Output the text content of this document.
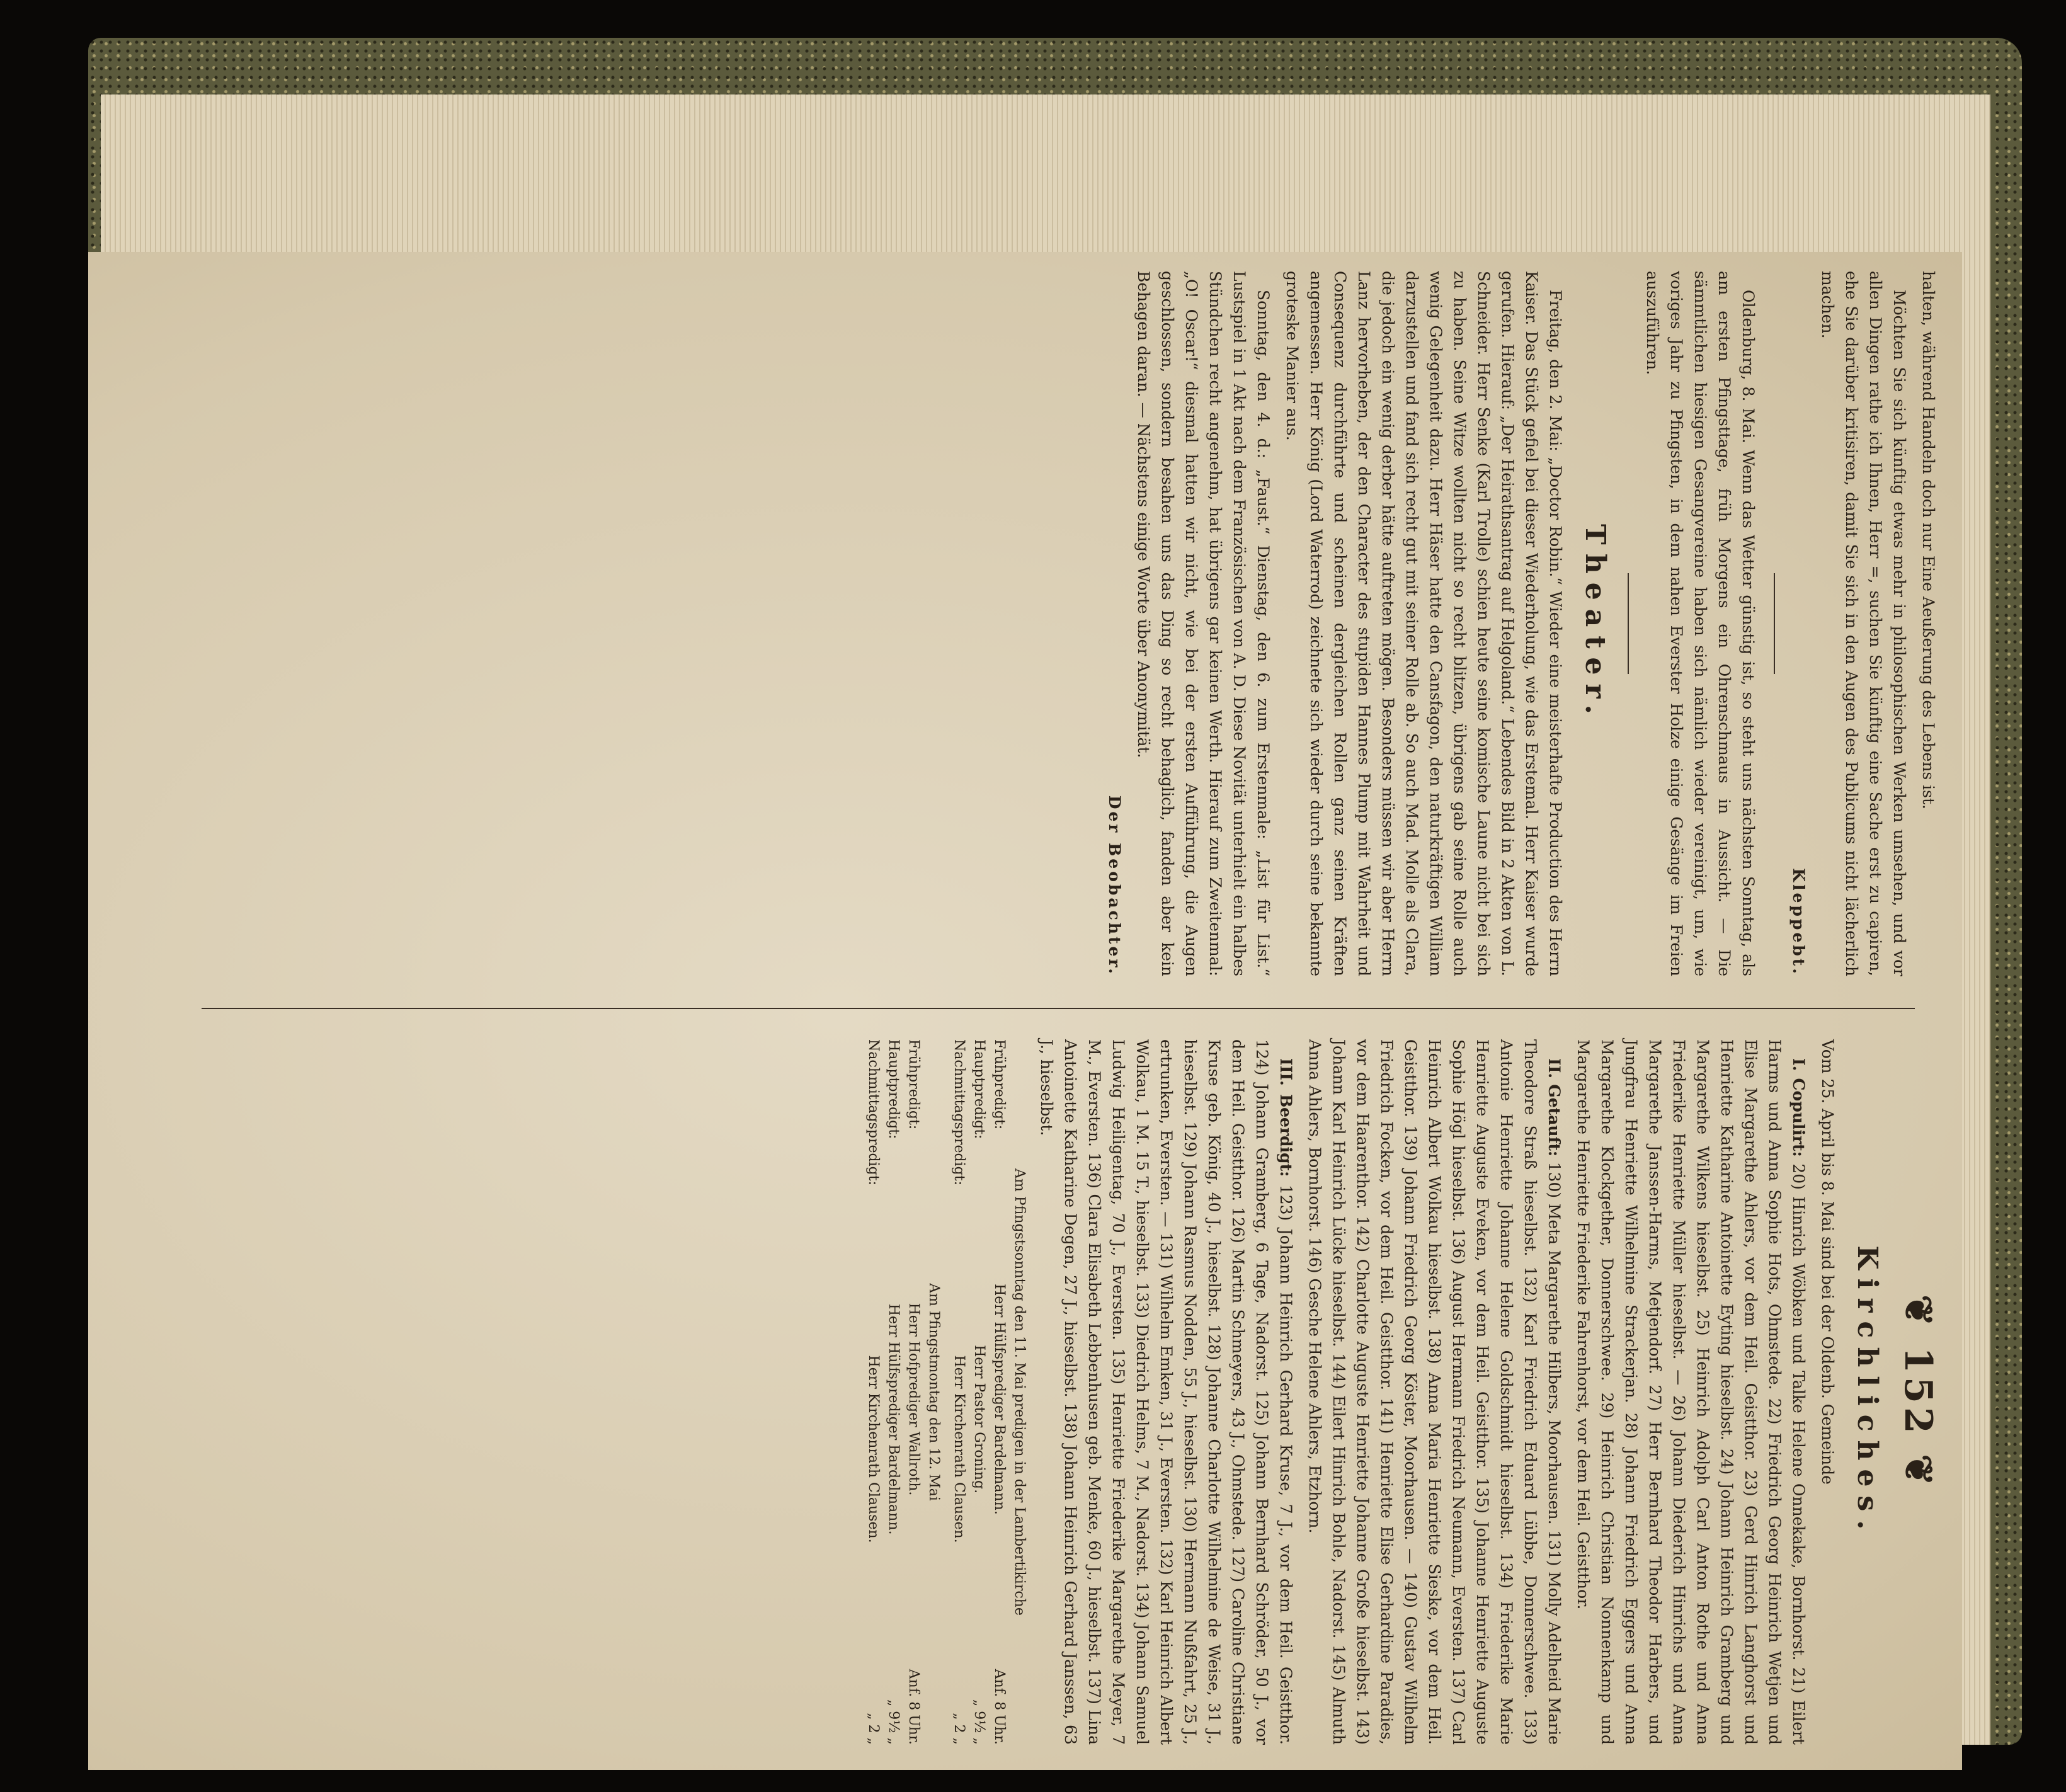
halten, während Handeln doch nur Eine Aeußerung des Lebens ist.

Möchten Sie sich künftig etwas mehr in philosophischen Werken umsehen, und vor allen Dingen rathe ich Ihnen, Herr =, suchen Sie künftig eine Sache erst zu capiren, ehe Sie darüber kritisiren, damit Sie sich in den Augen des Publicums nicht lächerlich machen.

Kleppebt.

Oldenburg, 8. Mai. Wenn das Wetter günstig ist, so steht uns nächsten Sonntag, als am ersten Pfingsttage, früh Morgens ein Ohrenschmaus in Aussicht. — Die sämmtlichen hiesigen Gesangvereine haben sich nämlich wieder vereinigt, um, wie voriges Jahr zu Pfingsten, in dem nahen Everster Holze einige Gesänge im Freien auszuführen.

Theater.

Freitag, den 2. Mai: „Doctor Robin.“ Wieder eine meisterhafte Production des Herrn Kaiser. Das Stück gefiel bei dieser Wiederholung, wie das Erstemal. Herr Kaiser wurde gerufen. Hierauf: „Der Heirathsantrag auf Helgoland.“ Lebendes Bild in 2 Akten von L. Schneider. Herr Senke (Karl Trolle) schien heute seine komische Laune nicht bei sich zu haben. Seine Witze wollten nicht so recht blitzen, übrigens gab seine Rolle auch wenig Gelegenheit dazu. Herr Häser hatte den Cansfagon, den naturkräftigen William darzustellen und fand sich recht gut mit seiner Rolle ab. So auch Mad. Molle als Clara, die jedoch ein wenig derber hätte auftreten mögen. Besonders müssen wir aber Herrn Lanz hervorheben, der den Character des stupiden Hannes Plump mit Wahrheit und Consequenz durchführte und scheinen dergleichen Rollen ganz seinen Kräften angemessen. Herr König (Lord Waterrod) zeichnete sich wieder durch seine bekannte groteske Manier aus.

Sonntag, den 4. d.: „Faust.“ Dienstag, den 6. zum Erstenmale: „List für List.“ Lustspiel in 1 Akt nach dem Französischen von A. D. Diese Novität unterhielt ein halbes Stündchen recht angenehm, hat übrigens gar keinen Werth. Hierauf zum Zweitenmal: „O! Oscar!“ diesmal hatten wir nicht, wie bei der ersten Aufführung, die Augen geschlossen, sondern besahen uns das Ding so recht behaglich, fanden aber kein Behagen daran. — Nächstens einige Worte über Anonymität.

Der Beobachter.

❦ 152 ❦
Kirchliches.

Vom 25. April bis 8. Mai sind bei der Oldenb. Gemeinde

I. Copulirt: 20) Hinrich Wöbken und Talke Helene Onnekake, Bornhorst. 21) Eilert Harms und Anna Sophie Hots, Ohmstede. 22) Friedrich Georg Heinrich Wetjen und Elise Margarethe Ahlers, vor dem Heil. Geistthor. 23) Gerd Hinrich Langhorst und Henriette Katharine Antoinette Eyting hieselbst. 24) Johann Heinrich Gramberg und Margarethe Wilkens hieselbst. 25) Heinrich Adolph Carl Anton Rothe und Anna Friederike Henriette Müller hieselbst. — 26) Johann Diederich Hinrichs und Anna Margarethe Janssen-Harms, Metjendorf. 27) Herr Bernhard Theodor Harbers, und Jungfrau Henriette Wilhelmine Strackerjan. 28) Johann Friedrich Eggers und Anna Margarethe Klockgether, Donnerschwee. 29) Heinrich Christian Nonnenkamp und Margarethe Henriette Friederike Fahrenhorst, vor dem Heil. Geistthor.

II. Getauft: 130) Meta Margarethe Hilbers, Moorhausen. 131) Molly Adelheid Marie Theodore Straß hieselbst. 132) Karl Friedrich Eduard Lübbe, Donnerschwee. 133) Antonie Henriette Johanne Helene Goldschmidt hieselbst. 134) Friederike Marie Henriette Auguste Eveken, vor dem Heil. Geistthor. 135) Johanne Henriette Auguste Sophie Högl hieselbst. 136) August Hermann Friedrich Neumann, Eversten. 137) Carl Heinrich Albert Wolkau hieselbst. 138) Anna Maria Henriette Sieske, vor dem Heil. Geistthor. 139) Johann Friedrich Georg Köster, Moorhausen. — 140) Gustav Wilhelm Friedrich Focken, vor dem Heil. Geistthor. 141) Henriette Elise Gerhardine Paradies, vor dem Haarenthor. 142) Charlotte Auguste Henriette Johanne Große hieselbst. 143) Johann Karl Heinrich Lücke hieselbst. 144) Eilert Hinrich Bohle, Nadorst. 145) Almuth Anna Ahlers, Bornhorst. 146) Gesche Helene Ahlers, Etzhorn.

III. Beerdigt: 123) Johann Heinrich Gerhard Kruse, 7 J., vor dem Heil. Geistthor. 124) Johann Gramberg, 6 Tage, Nadorst. 125) Johann Bernhard Schröder, 50 J., vor dem Heil. Geistthor. 126) Martin Schmeyers, 43 J., Ohmstede. 127) Caroline Christiane Kruse geb. König, 40 J., hieselbst. 128) Johanne Charlotte Wilhelmine de Weise, 31 J., hieselbst. 129) Johann Rasmus Nodden, 55 J., hieselbst. 130) Hermann Nußfahrt, 25 J., ertrunken, Eversten. — 131) Wilhelm Emken, 31 J., Eversten. 132) Karl Heinrich Albert Wolkau, 1 M. 15 T., hieselbst. 133) Diedrich Helms, 7 M., Nadorst. 134) Johann Samuel Ludwig Heiligentag, 70 J., Eversten. 135) Henriette Friederike Margarethe Meyer, 7 M., Eversten. 136) Clara Elisabeth Lebbenhusen geb. Menke, 60 J., hieselbst. 137) Lina Antoinette Katharine Degen, 27 J., hieselbst. 138) Johann Heinrich Gerhard Janssen, 63 J., hieselbst.

Am Pfingstsonntag den 11. Mai predigen in der Lambertikirche
Frühpredigt:
Herr Hülfsprediger Bardelmann.
Anf. 8 Uhr.
Hauptpredigt:
Herr Pastor Groning.
„ 9½ „
Nachmittagspredigt:
Herr Kirchenrath Clausen.
„ 2 „
Am Pfingstmontag den 12. Mai
Frühpredigt:
Herr Hofprediger Wallroth.
Anf. 8 Uhr.
Hauptpredigt:
Herr Hülfsprediger Bardelmann.
„ 9½ „
Nachmittagspredigt:
Herr Kirchenrath Clausen.
„ 2 „
